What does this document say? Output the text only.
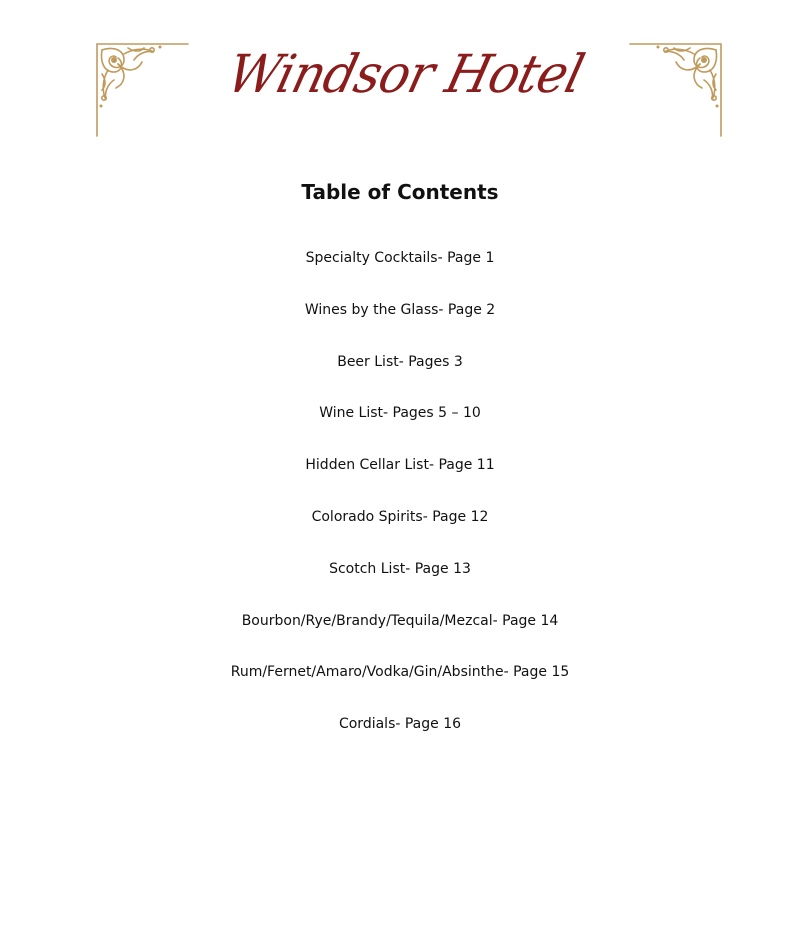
Windsor Hotel
Table of Contents
Specialty Cocktails- Page 1
Wines by the Glass- Page 2
Beer List- Pages 3
Wine List- Pages 5 – 10
Hidden Cellar List- Page 11
Colorado Spirits- Page 12
Scotch List- Page 13
Bourbon/Rye/Brandy/Tequila/Mezcal- Page 14
Rum/Fernet/Amaro/Vodka/Gin/Absinthe- Page 15
Cordials- Page 16
